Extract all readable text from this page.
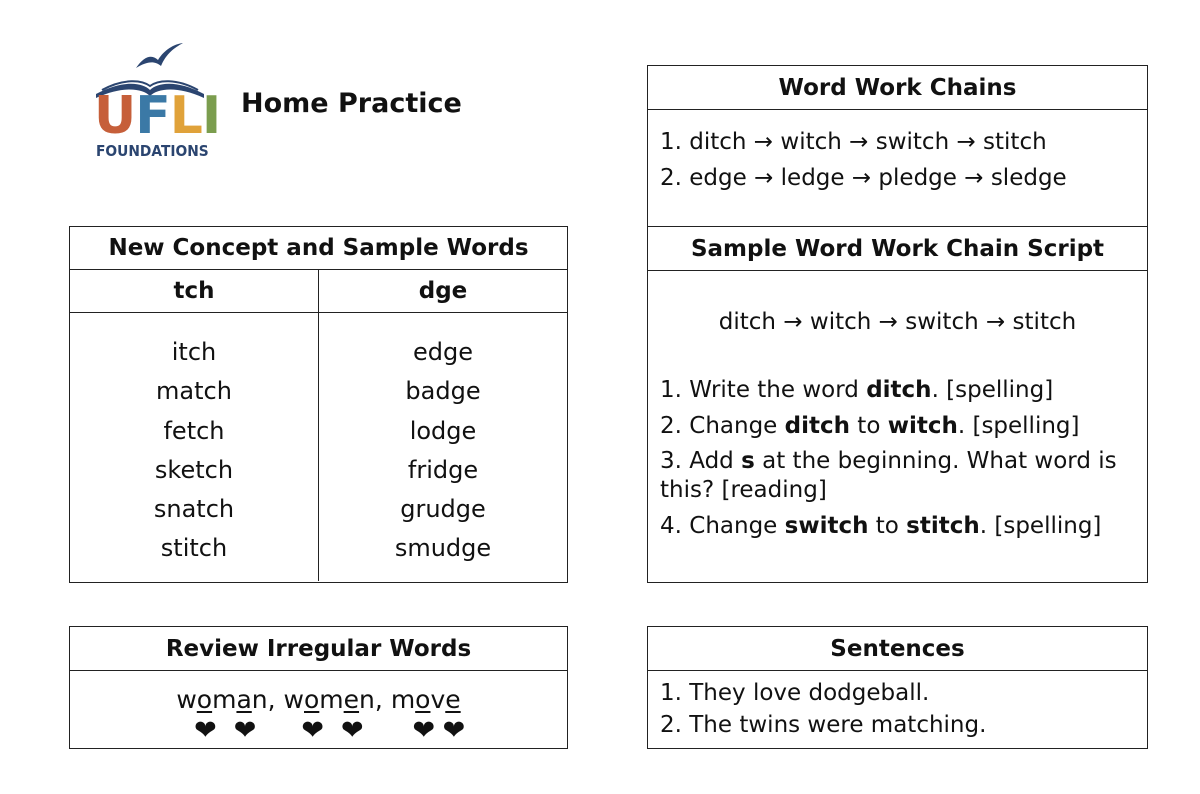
U F L I
FOUNDATIONS
Home Practice
Word Work Chains
1. ditch → witch → switch → stitch
2. edge → ledge → pledge → sledge
Sample Word Work Chain Script
ditch → witch → switch → stitch
1. Write the word ditch. [spelling]
2. Change ditch to witch. [spelling]
3. Add s at the beginning. What word is this? [reading]
4. Change switch to stitch. [spelling]
New Concept and Sample Words
tch	dge
itch
match
fetch
sketch
snatch
stitch
edge
badge
lodge
fridge
grudge
smudge
Review Irregular Words
woman, women, move
❤ ❤ ❤ ❤ ❤ ❤
Sentences
1. They love dodgeball.
2. The twins were matching.
